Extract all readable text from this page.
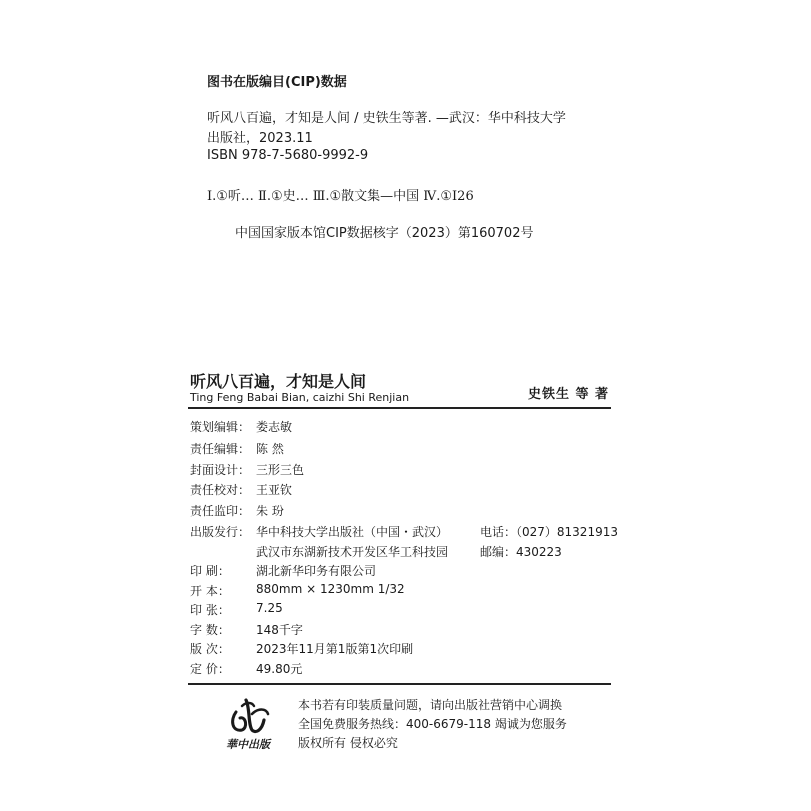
图书在版编目(CIP)数据
听风八百遍，才知是人间 / 史铁生等著. —武汉：华中科技大学
出版社，2023.11
ISBN 978-7-5680-9992-9
Ⅰ.①听… Ⅱ.①史… Ⅲ.①散文集—中国 Ⅳ.①I26
中国国家版本馆CIP数据核字（2023）第160702号
听风八百遍，才知是人间
Ting Feng Babai Bian, caizhi Shi Renjian	史铁生 等 著
策划编辑： 娄志敏
责任编辑： 陈 然
封面设计： 三形三色
责任校对： 王亚钦
责任监印： 朱 玢
出版发行： 华中科技大学出版社（中国・武汉）	电话：（027）81321913
武汉市东湖新技术开发区华工科技园	邮编：430223
印 刷： 湖北新华印务有限公司
开 本： 880mm × 1230mm 1/32
印 张： 7.25
字 数： 148千字
版 次： 2023年11月第1版第1次印刷
定 价： 49.80元
華中出版
本书若有印装质量问题，请向出版社营销中心调换
全国免费服务热线：400-6679-118 竭诚为您服务
版权所有 侵权必究
